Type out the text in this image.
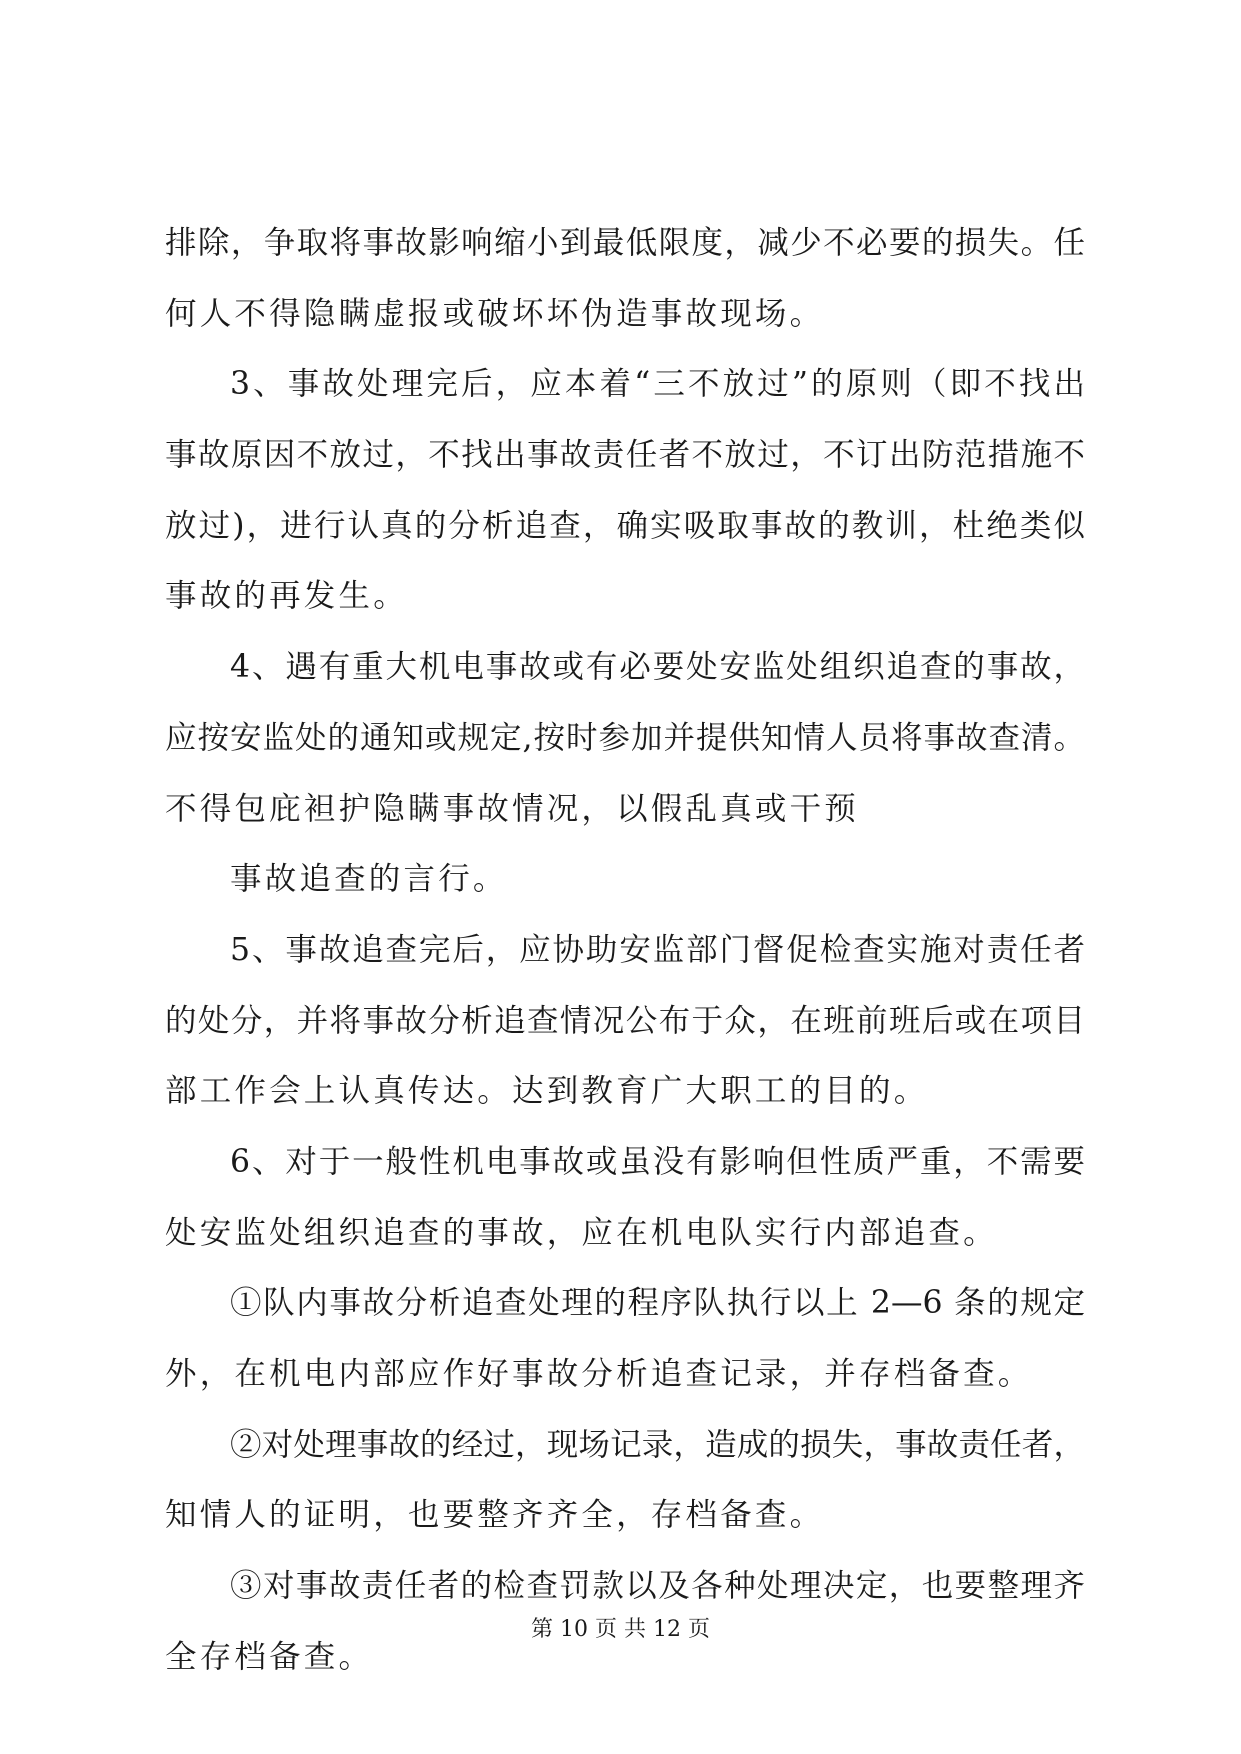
排除，争取将事故影响缩小到最低限度，减少不必要的损失。任
何人不得隐瞒虚报或破坏坏伪造事故现场。
3、事故处理完后，应本着“三不放过”的原则（即不找出
事故原因不放过，不找出事故责任者不放过，不订出防范措施不
放过)，进行认真的分析追查，确实吸取事故的教训，杜绝类似
事故的再发生。
4、遇有重大机电事故或有必要处安监处组织追查的事故，
应按安监处的通知或规定,按时参加并提供知情人员将事故查清。
不得包庇袒护隐瞒事故情况，以假乱真或干预
事故追查的言行。
5、事故追查完后，应协助安监部门督促检查实施对责任者
的处分，并将事故分析追查情况公布于众，在班前班后或在项目
部工作会上认真传达。达到教育广大职工的目的。
6、对于一般性机电事故或虽没有影响但性质严重，不需要
处安监处组织追查的事故，应在机电队实行内部追查。
①队内事故分析追查处理的程序队执行以上 2—6 条的规定
外，在机电内部应作好事故分析追查记录，并存档备查。
②对处理事故的经过，现场记录，造成的损失，事故责任者，
知情人的证明，也要整齐齐全，存档备查。
③对事故责任者的检查罚款以及各种处理决定，也要整理齐
全存档备查。
第 10 页 共 12 页
